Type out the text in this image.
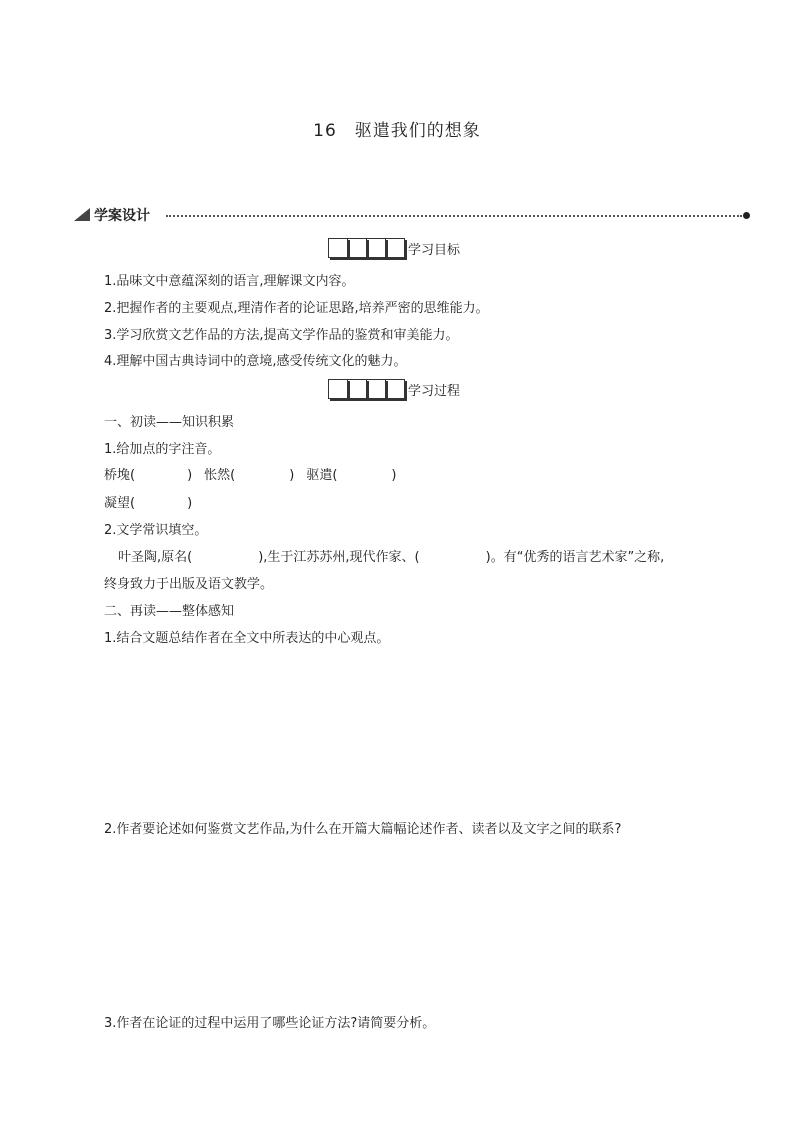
16 驱遣我们的想象
学案设计
学习目标
1.品味文中意蕴深刻的语言,理解课文内容。
2.把握作者的主要观点,理清作者的论证思路,培养严密的思维能力。
3.学习欣赏文艺作品的方法,提高文学作品的鉴赏和审美能力。
4.理解中国古典诗词中的意境,感受传统文化的魅力。
学习过程
一、初读——知识积累
1.给加点的字注音。
桥堍(	) 怅然(	) 驱遣(	)
凝望(	)
2.文学常识填空。
叶圣陶,原名(	),生于江苏苏州,现代作家、(	)。有“优秀的语言艺术家”之称,
终身致力于出版及语文教学。
二、再读——整体感知
1.结合文题总结作者在全文中所表达的中心观点。
2.作者要论述如何鉴赏文艺作品,为什么在开篇大篇幅论述作者、读者以及文字之间的联系?
3.作者在论证的过程中运用了哪些论证方法?请简要分析。
